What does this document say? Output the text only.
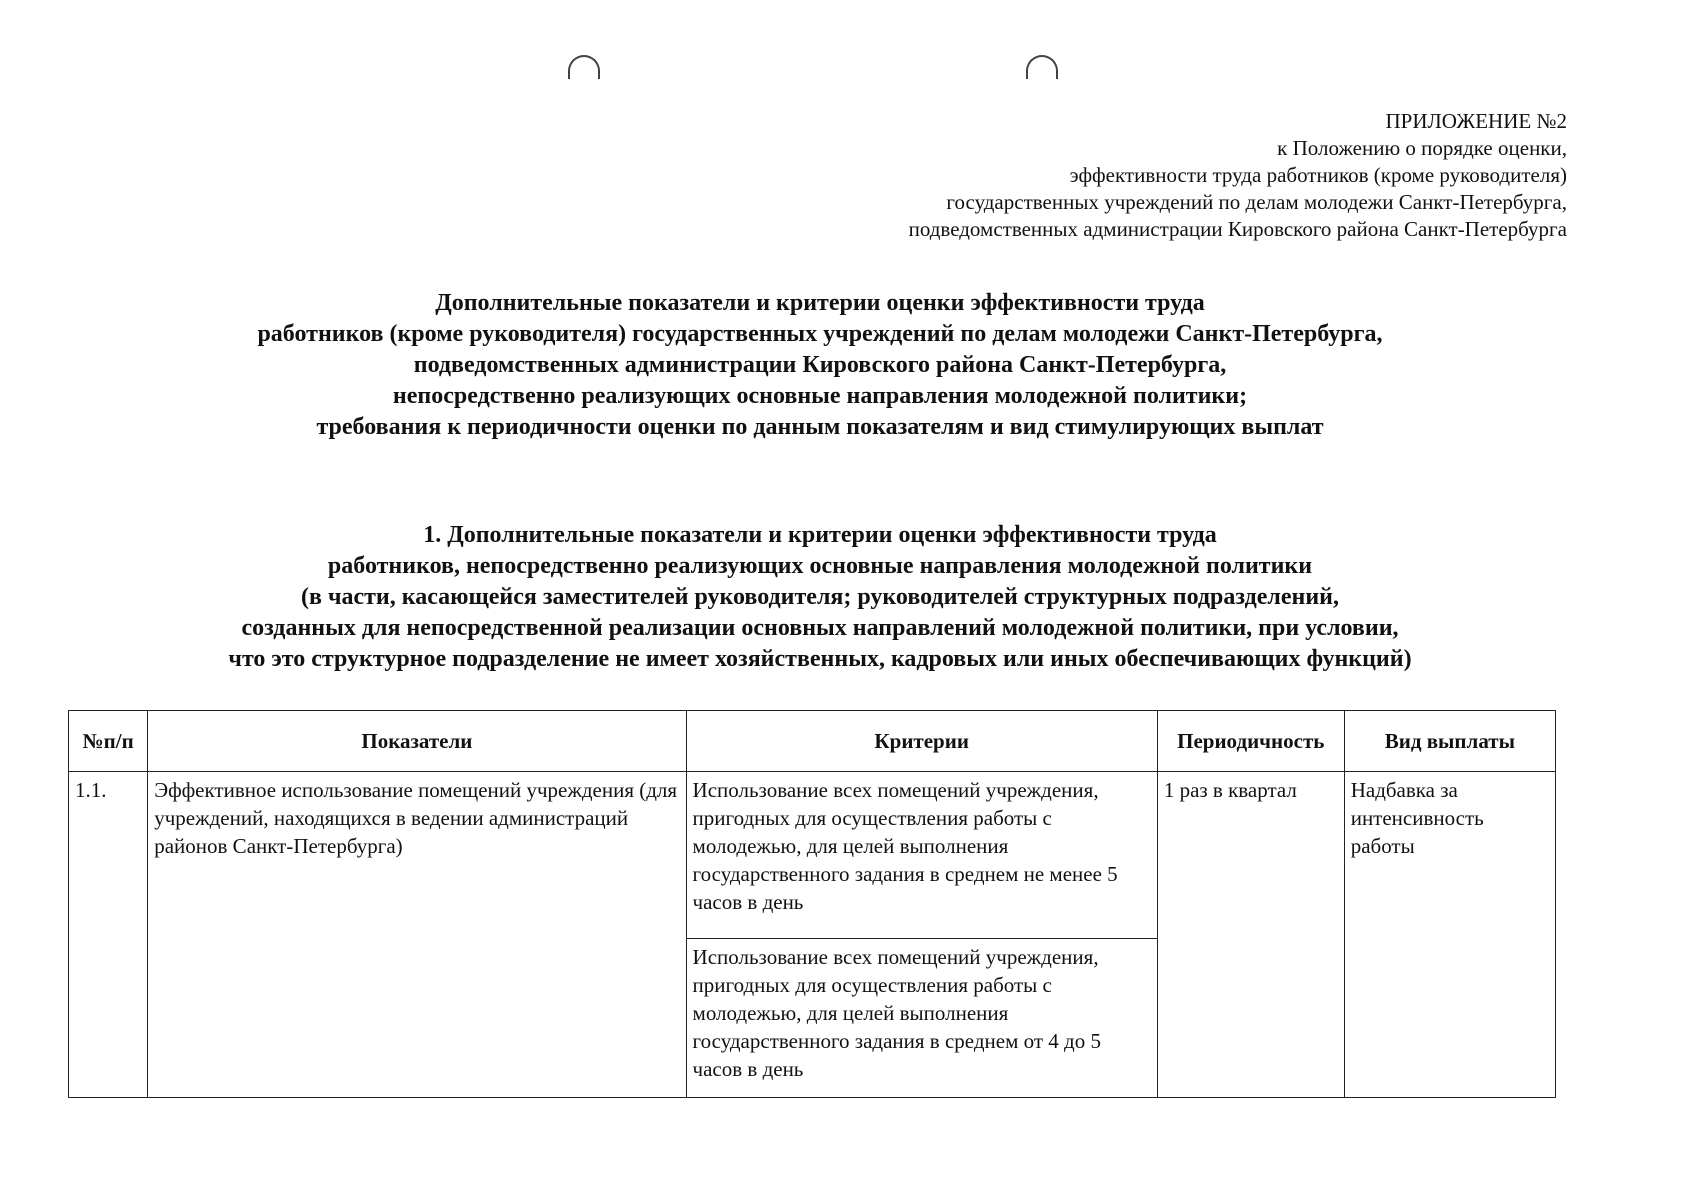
ПРИЛОЖЕНИЕ №2
к Положению о порядке оценки,
эффективности труда работников (кроме руководителя)
государственных учреждений по делам молодежи Санкт-Петербурга,
подведомственных администрации Кировского района Санкт-Петербурга
Дополнительные показатели и критерии оценки эффективности труда
работников (кроме руководителя) государственных учреждений по делам молодежи Санкт-Петербурга,
подведомственных администрации Кировского района Санкт-Петербурга,
непосредственно реализующих основные направления молодежной политики;
требования к периодичности оценки по данным показателям и вид стимулирующих выплат
1. Дополнительные показатели и критерии оценки эффективности труда
работников, непосредственно реализующих основные направления молодежной политики
(в части, касающейся заместителей руководителя; руководителей структурных подразделений,
созданных для непосредственной реализации основных направлений молодежной политики, при условии,
что это структурное подразделение не имеет хозяйственных, кадровых или иных обеспечивающих функций)
№п/п	Показатели	Критерии	Периодичность	Вид выплаты
1.1.	Эффективное использование помещений учреждения (для учреждений, находящихся в ведении администраций районов Санкт-Петербурга)	Использование всех помещений учреждения, пригодных для осуществления работы с молодежью, для целей выполнения государственного задания в среднем не менее 5 часов в день	1 раз в квартал	Надбавка за интенсивность работы
		Использование всех помещений учреждения, пригодных для осуществления работы с молодежью, для целей выполнения государственного задания в среднем от 4 до 5 часов в день		
